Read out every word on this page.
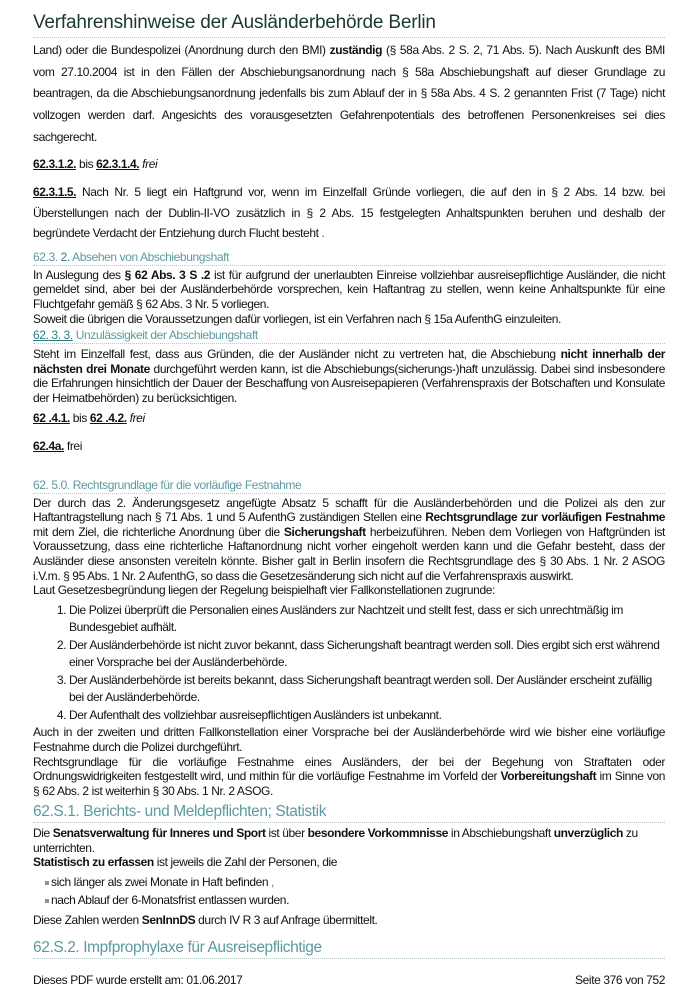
Verfahrenshinweise der Ausländerbehörde Berlin
Land) oder die Bundespolizei (Anordnung durch den BMI) zuständig (§ 58a Abs. 2 S. 2, 71 Abs. 5). Nach Auskunft des BMI vom 27.10.2004 ist in den Fällen der Abschiebungsanordnung nach § 58a Abschiebungshaft auf dieser Grundlage zu beantragen, da die Abschiebungsanordnung jedenfalls bis zum Ablauf der in § 58a Abs. 4 S. 2 genannten Frist (7 Tage) nicht vollzogen werden darf. Angesichts des vorausgesetzten Gefahrenpotentials des betroffenen Personenkreises sei dies sachgerecht.
62.3.1.2. bis 62.3.1.4. frei
62.3.1.5. Nach Nr. 5 liegt ein Haftgrund vor, wenn im Einzelfall Gründe vorliegen, die auf den in § 2 Abs. 14 bzw. bei Überstellungen nach der Dublin-II-VO zusätzlich in § 2 Abs. 15 festgelegten Anhaltspunkten beruhen und deshalb der begründete Verdacht der Entziehung durch Flucht besteht .
62.3. 2. Absehen von Abschiebungshaft
In Auslegung des § 62 Abs. 3 S .2 ist für aufgrund der unerlaubten Einreise vollziehbar ausreisepflichtige Ausländer, die nicht gemeldet sind, aber bei der Ausländerbehörde vorsprechen, kein Haftantrag zu stellen, wenn keine Anhaltspunkte für eine Fluchtgefahr gemäß § 62 Abs. 3 Nr. 5 vorliegen.
Soweit die übrigen die Voraussetzungen dafür vorliegen, ist ein Verfahren nach § 15a AufenthG einzuleiten.
62. 3. 3. Unzulässigkeit der Abschiebungshaft
Steht im Einzelfall fest, dass aus Gründen, die der Ausländer nicht zu vertreten hat, die Abschiebung nicht innerhalb der nächsten drei Monate durchgeführt werden kann, ist die Abschiebungs(sicherungs-)haft unzulässig. Dabei sind insbesondere die Erfahrungen hinsichtlich der Dauer der Beschaffung von Ausreisepapieren (Verfahrenspraxis der Botschaften und Konsulate der Heimatbehörden) zu berücksichtigen.
62 .4.1. bis 62 .4.2. frei
62.4a. frei
62. 5.0. Rechtsgrundlage für die vorläufige Festnahme
Der durch das 2. Änderungsgesetz angefügte Absatz 5 schafft für die Ausländerbehörden und die Polizei als den zur Haftantragstellung nach § 71 Abs. 1 und 5 AufenthG zuständigen Stellen eine Rechtsgrundlage zur vorläufigen Festnahme mit dem Ziel, die richterliche Anordnung über die Sicherungshaft herbeizuführen. Neben dem Vorliegen von Haftgründen ist Voraussetzung, dass eine richterliche Haftanordnung nicht vorher eingeholt werden kann und die Gefahr besteht, dass der Ausländer diese ansonsten vereiteln könnte. Bisher galt in Berlin insofern die Rechtsgrundlage des § 30 Abs. 1 Nr. 2 ASOG i.V.m. § 95 Abs. 1 Nr. 2 AufenthG, so dass die Gesetzesänderung sich nicht auf die Verfahrenspraxis auswirkt.
Laut Gesetzesbegründung liegen der Regelung beispielhaft vier Fallkonstellationen zugrunde:
1. Die Polizei überprüft die Personalien eines Ausländers zur Nachtzeit und stellt fest, dass er sich unrechtmäßig im Bundesgebiet aufhält.
2. Der Ausländerbehörde ist nicht zuvor bekannt, dass Sicherungshaft beantragt werden soll. Dies ergibt sich erst während einer Vorsprache bei der Ausländerbehörde.
3. Der Ausländerbehörde ist bereits bekannt, dass Sicherungshaft beantragt werden soll. Der Ausländer erscheint zufällig bei der Ausländerbehörde.
4. Der Aufenthalt des vollziehbar ausreisepflichtigen Ausländers ist unbekannt.
Auch in der zweiten und dritten Fallkonstellation einer Vorsprache bei der Ausländerbehörde wird wie bisher eine vorläufige Festnahme durch die Polizei durchgeführt.
Rechtsgrundlage für die vorläufige Festnahme eines Ausländers, der bei der Begehung von Straftaten oder Ordnungswidrigkeiten festgestellt wird, und mithin für die vorläufige Festnahme im Vorfeld der Vorbereitungshaft im Sinne von § 62 Abs. 2 ist weiterhin § 30 Abs. 1 Nr. 2 ASOG.
62.S.1. Berichts- und Meldepflichten; Statistik
Die Senatsverwaltung für Inneres und Sport ist über besondere Vorkommnisse in Abschiebungshaft unverzüglich zu unterrichten.
Statistisch zu erfassen ist jeweils die Zahl der Personen, die
sich länger als zwei Monate in Haft befinden ,
nach Ablauf der 6-Monatsfrist entlassen wurden.
Diese Zahlen werden SenInnDS durch IV R 3 auf Anfrage übermittelt.
62.S.2. Impfprophylaxe für Ausreisepflichtige
Dieses PDF wurde erstellt am: 01.06.2017	Seite 376 von 752
